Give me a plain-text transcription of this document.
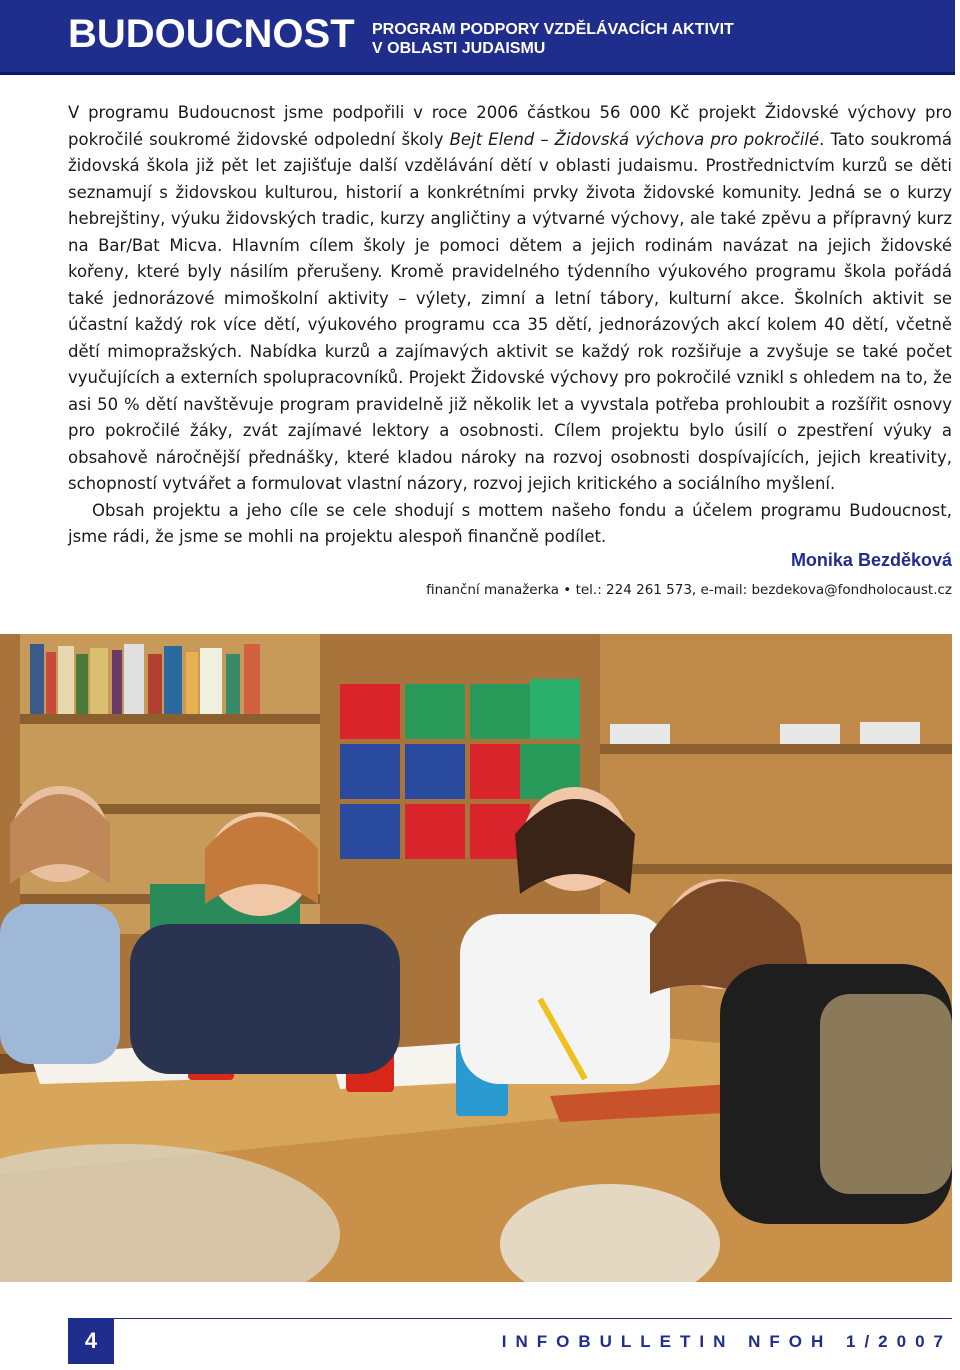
BUDOUCNOST PROGRAM PODPORY VZDĚLÁVACÍCH AKTIVIT
V OBLASTI JUDAISMU

V programu Budoucnost jsme podpořili v roce 2006 částkou 56 000 Kč projekt Židovské výchovy pro pokročilé soukromé židovské odpolední školy Bejt Elend – Židovská výchova pro pokročilé. Tato soukromá židovská škola již pět let zajišťuje další vzdělávání dětí v oblasti judaismu. Prostřednictvím kurzů se děti seznamují s židovskou kulturou, historií a konkrétními prvky života židovské komunity. Jedná se o kurzy hebrejštiny, výuku židovských tradic, kurzy angličtiny a výtvarné výchovy, ale také zpěvu a přípravný kurz na Bar/Bat Micva. Hlavním cílem školy je pomoci dětem a jejich rodinám navázat na jejich židovské kořeny, které byly násilím přerušeny. Kromě pravidelného týdenního výukového programu škola pořádá také jednorázové mimoškolní aktivity – výlety, zimní a letní tábory, kulturní akce. Školních aktivit se účastní každý rok více dětí, výukového programu cca 35 dětí, jednorázových akcí kolem 40 dětí, včetně dětí mimopražských. Nabídka kurzů a zajímavých aktivit se každý rok rozšiřuje a zvyšuje se také počet vyučujících a externích spolupracovníků. Projekt Židovské výchovy pro pokročilé vznikl s ohledem na to, že asi 50 % dětí navštěvuje program pravidelně již několik let a vyvstala potřeba prohloubit a rozšířit osnovy pro pokročilé žáky, zvát zajímavé lektory a osobnosti. Cílem projektu bylo úsilí o zpestření výuky a obsahově náročnější přednášky, které kladou nároky na rozvoj osobnosti dospívajících, jejich kreativity, schopností vytvářet a formulovat vlastní názory, rozvoj jejich kritického a sociálního myšlení.

Obsah projektu a jeho cíle se cele shodují s mottem našeho fondu a účelem programu Budoucnost, jsme rádi, že jsme se mohli na projektu alespoň finančně podílet.

Monika Bezděková
finanční manažerka • tel.: 224 261 573, e-mail: bezdekova@fondholocaust.cz
4	INFOBULLETIN NFOH 1/2007
